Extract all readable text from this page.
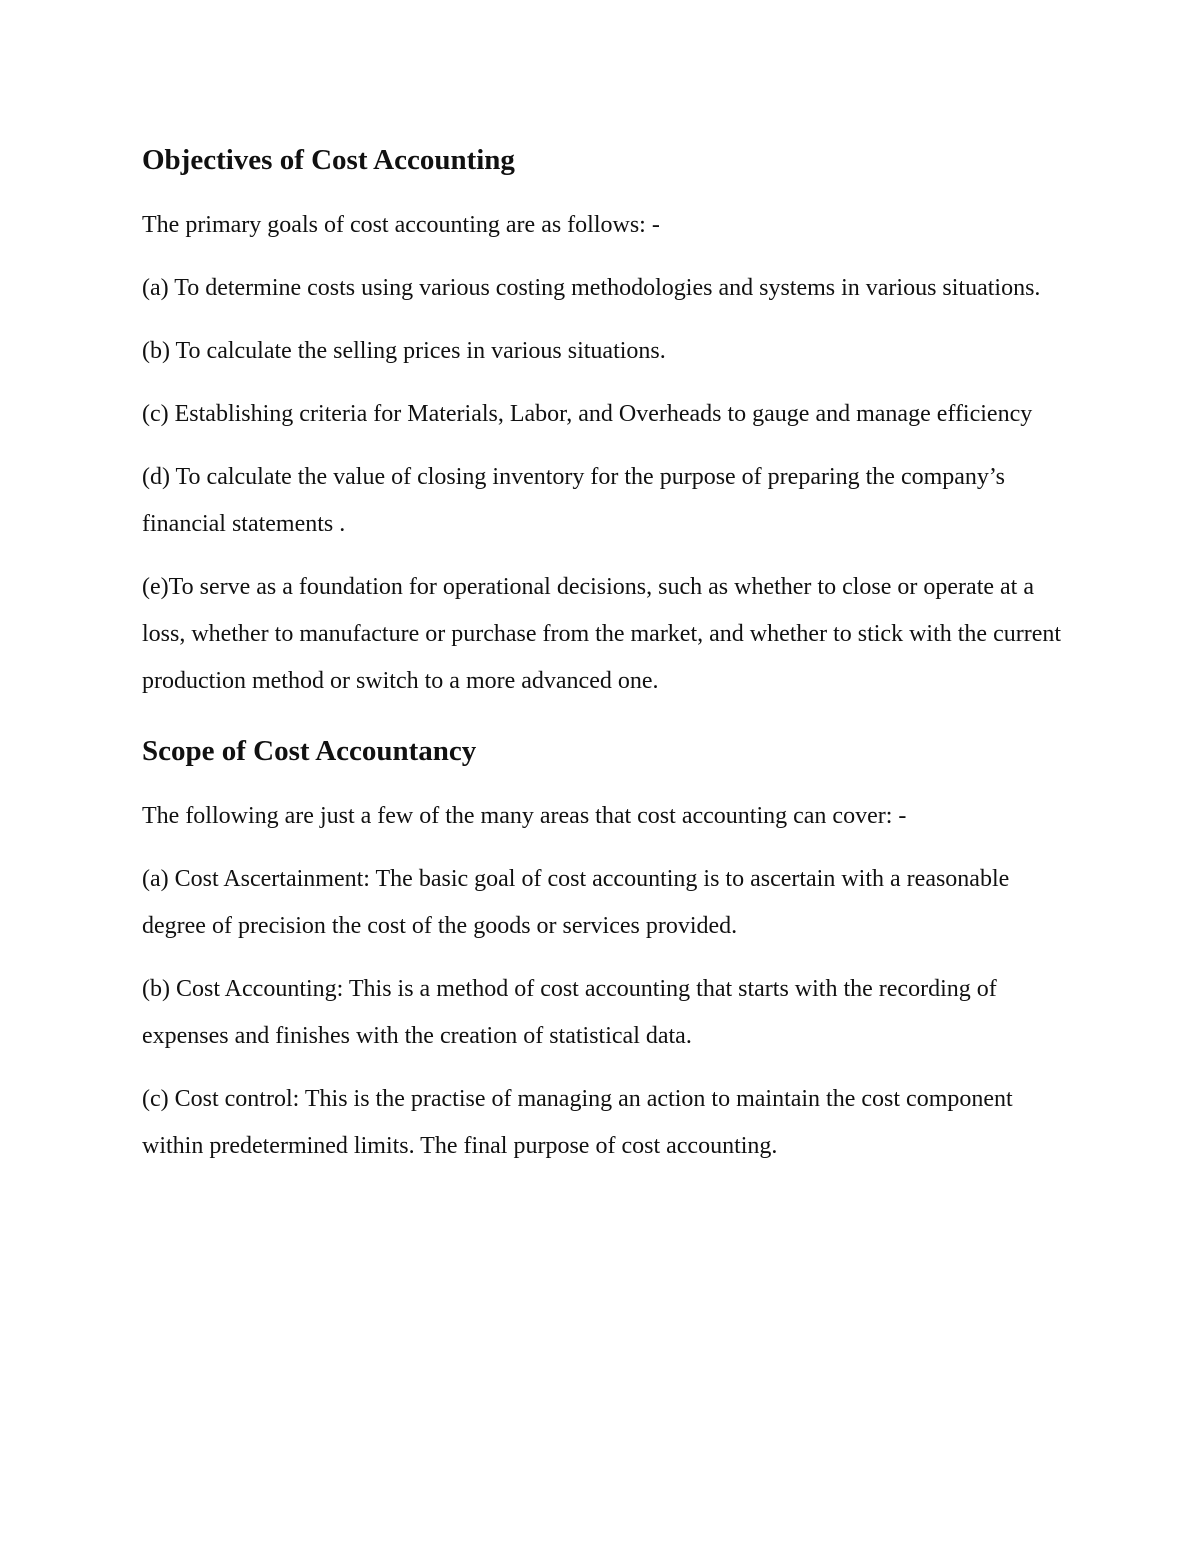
Objectives of Cost Accounting

The primary goals of cost accounting are as follows: -

(a) To determine costs using various costing methodologies and systems in various situations.

(b) To calculate the selling prices in various situations.

(c) Establishing criteria for Materials, Labor, and Overheads to gauge and manage efficiency

(d) To calculate the value of closing inventory for the purpose of preparing the company’s financial statements .

(e)To serve as a foundation for operational decisions, such as whether to close or operate at a loss, whether to manufacture or purchase from the market, and whether to stick with the current production method or switch to a more advanced one.

Scope of Cost Accountancy

The following are just a few of the many areas that cost accounting can cover: -

(a) Cost Ascertainment: The basic goal of cost accounting is to ascertain with a reasonable degree of precision the cost of the goods or services provided.

(b) Cost Accounting: This is a method of cost accounting that starts with the recording of expenses and finishes with the creation of statistical data.

(c) Cost control: This is the practise of managing an action to maintain the cost component within predetermined limits. The final purpose of cost accounting.
